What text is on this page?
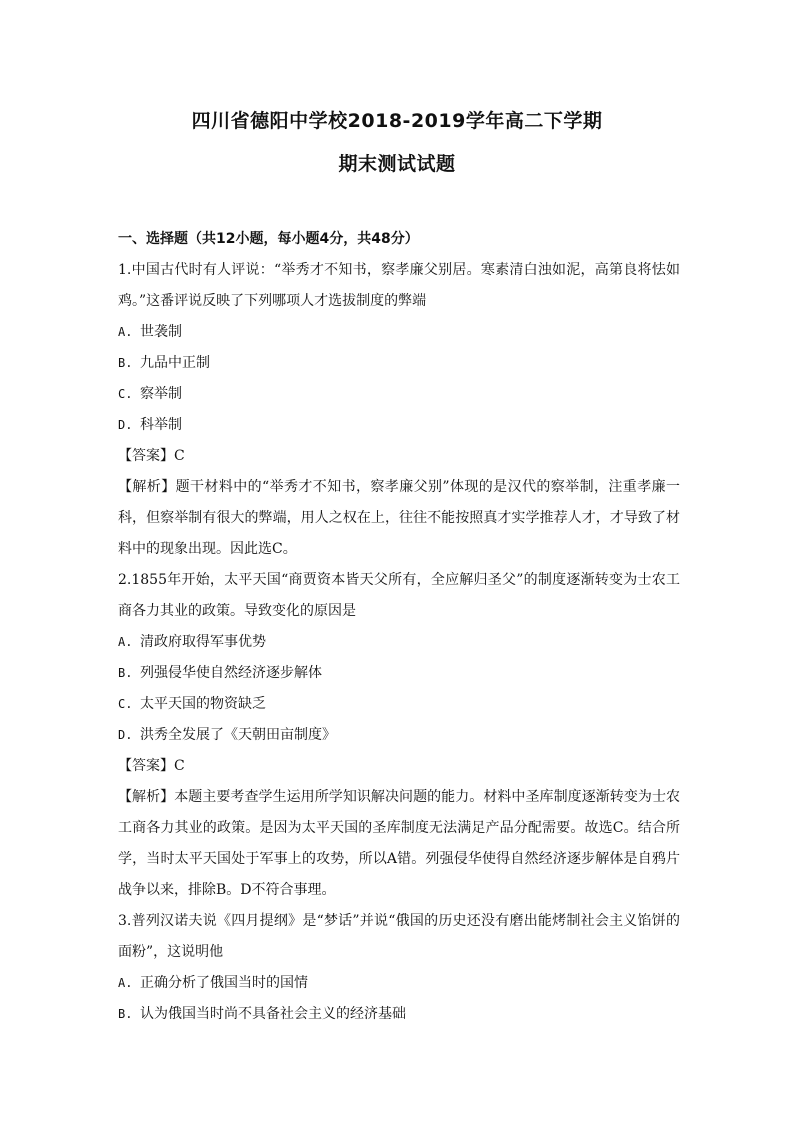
四川省德阳中学校2018-2019学年高二下学期
期末测试试题
一、选择题（共12小题，每小题4分，共48分）
1.中国古代时有人评说：“举秀才不知书，察孝廉父别居。寒素清白浊如泥，高第良将怯如鸡。”这番评说反映了下列哪项人才选拔制度的弊端
A. 世袭制
B. 九品中正制
C. 察举制
D. 科举制
【答案】C
【解析】题干材料中的“举秀才不知书，察孝廉父别”体现的是汉代的察举制，注重孝廉一科，但察举制有很大的弊端，用人之权在上，往往不能按照真才实学推荐人才，才导致了材料中的现象出现。因此选C。
2.1855年开始，太平天国“商贾资本皆天父所有，全应解归圣父”的制度逐渐转变为士农工商各力其业的政策。导致变化的原因是
A. 清政府取得军事优势
B. 列强侵华使自然经济逐步解体
C. 太平天国的物资缺乏
D. 洪秀全发展了《天朝田亩制度》
【答案】C
【解析】本题主要考查学生运用所学知识解决问题的能力。材料中圣库制度逐渐转变为士农工商各力其业的政策。是因为太平天国的圣库制度无法满足产品分配需要。故选C。结合所学，当时太平天国处于军事上的攻势，所以A错。列强侵华使得自然经济逐步解体是自鸦片战争以来，排除B。D不符合事理。
3.普列汉诺夫说《四月提纲》是“梦话”并说“俄国的历史还没有磨出能烤制社会主义馅饼的面粉”，这说明他
A. 正确分析了俄国当时的国情
B. 认为俄国当时尚不具备社会主义的经济基础
